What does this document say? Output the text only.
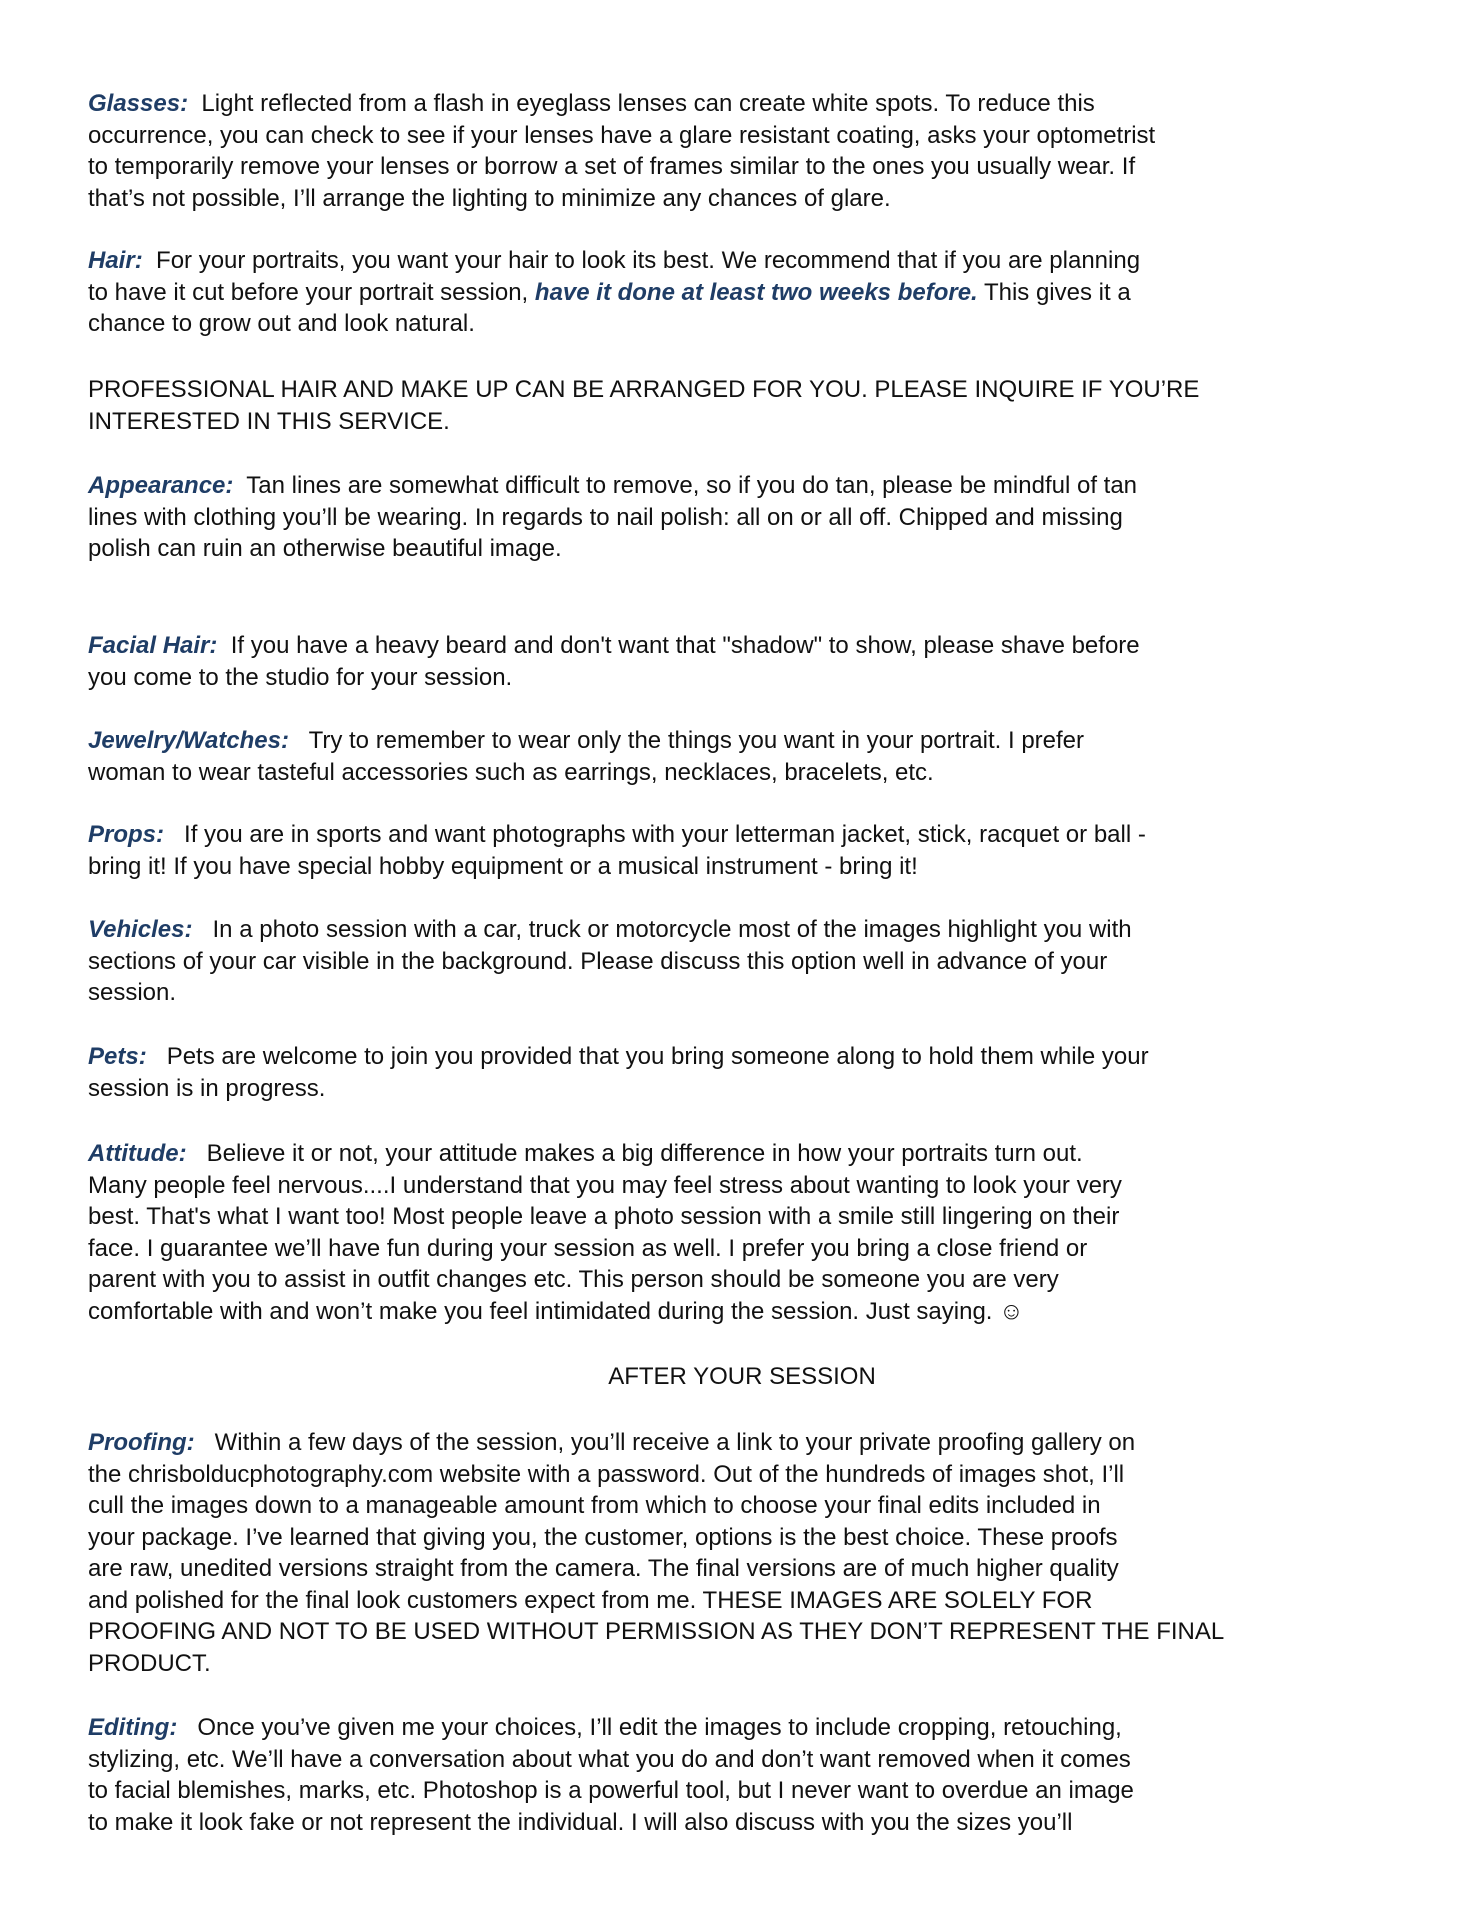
Glasses: Light reflected from a flash in eyeglass lenses can create white spots. To reduce this
occurrence, you can check to see if your lenses have a glare resistant coating, asks your optometrist
to temporarily remove your lenses or borrow a set of frames similar to the ones you usually wear. If
that’s not possible, I’ll arrange the lighting to minimize any chances of glare.
Hair: For your portraits, you want your hair to look its best. We recommend that if you are planning
to have it cut before your portrait session, have it done at least two weeks before. This gives it a
chance to grow out and look natural.
PROFESSIONAL HAIR AND MAKE UP CAN BE ARRANGED FOR YOU. PLEASE INQUIRE IF YOU’RE
INTERESTED IN THIS SERVICE.
Appearance: Tan lines are somewhat difficult to remove, so if you do tan, please be mindful of tan
lines with clothing you’ll be wearing. In regards to nail polish: all on or all off. Chipped and missing
polish can ruin an otherwise beautiful image.
Facial Hair: If you have a heavy beard and don't want that "shadow" to show, please shave before
you come to the studio for your session.
Jewelry/Watches: Try to remember to wear only the things you want in your portrait. I prefer
woman to wear tasteful accessories such as earrings, necklaces, bracelets, etc.
Props: If you are in sports and want photographs with your letterman jacket, stick, racquet or ball -
bring it! If you have special hobby equipment or a musical instrument - bring it!
Vehicles: In a photo session with a car, truck or motorcycle most of the images highlight you with
sections of your car visible in the background. Please discuss this option well in advance of your
session.
Pets: Pets are welcome to join you provided that you bring someone along to hold them while your
session is in progress.
Attitude: Believe it or not, your attitude makes a big difference in how your portraits turn out.
Many people feel nervous....I understand that you may feel stress about wanting to look your very
best. That's what I want too! Most people leave a photo session with a smile still lingering on their
face. I guarantee we’ll have fun during your session as well. I prefer you bring a close friend or
parent with you to assist in outfit changes etc. This person should be someone you are very
comfortable with and won’t make you feel intimidated during the session. Just saying. ☺
AFTER YOUR SESSION
Proofing: Within a few days of the session, you’ll receive a link to your private proofing gallery on
the chrisbolducphotography.com website with a password. Out of the hundreds of images shot, I’ll
cull the images down to a manageable amount from which to choose your final edits included in
your package. I’ve learned that giving you, the customer, options is the best choice. These proofs
are raw, unedited versions straight from the camera. The final versions are of much higher quality
and polished for the final look customers expect from me. THESE IMAGES ARE SOLELY FOR
PROOFING AND NOT TO BE USED WITHOUT PERMISSION AS THEY DON’T REPRESENT THE FINAL
PRODUCT.
Editing: Once you’ve given me your choices, I’ll edit the images to include cropping, retouching,
stylizing, etc. We’ll have a conversation about what you do and don’t want removed when it comes
to facial blemishes, marks, etc. Photoshop is a powerful tool, but I never want to overdue an image
to make it look fake or not represent the individual. I will also discuss with you the sizes you’ll
